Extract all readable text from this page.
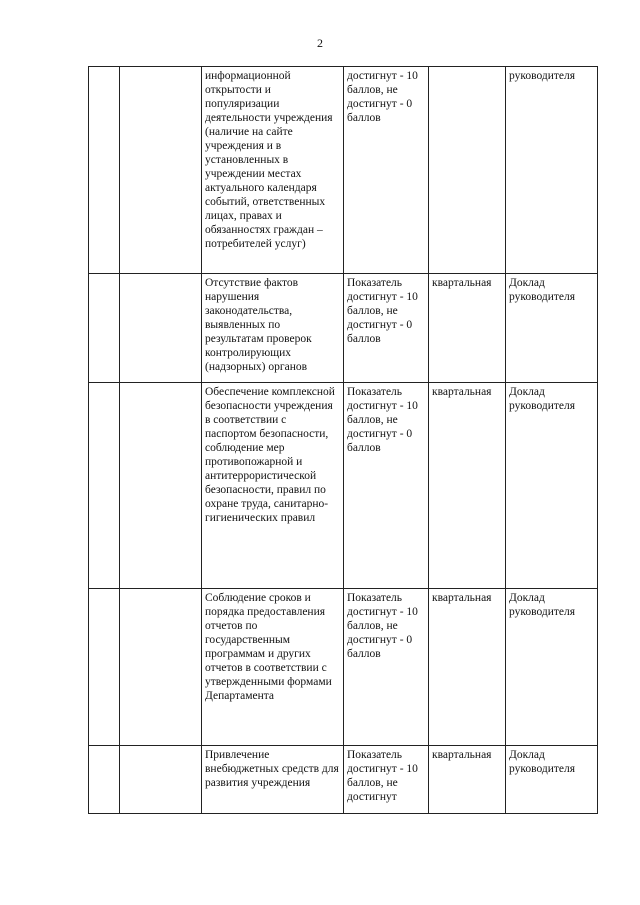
2
		информационной открытости и популяризации деятельности учреждения (наличие на сайте учреждения и в установленных в учреждении местах актуального календаря событий, ответственных лицах, правах и обязанностях граждан – потребителей услуг)	достигнут - 10 баллов, не достигнут - 0 баллов		руководителя
		Отсутствие фактов нарушения законодательства, выявленных по результатам проверок контролирующих (надзорных) органов	Показатель достигнут - 10 баллов, не достигнут - 0 баллов	квартальная	Доклад руководителя
		Обеспечение комплексной безопасности учреждения в соответствии с паспортом безопасности, соблюдение мер противопожарной и антитеррористической безопасности, правил по охране труда, санитарно-гигиенических правил	Показатель достигнут - 10 баллов, не достигнут - 0 баллов	квартальная	Доклад руководителя
		Соблюдение сроков и порядка предоставления отчетов по государственным программам и других отчетов в соответствии с утвержденными формами Департамента	Показатель достигнут - 10 баллов, не достигнут - 0 баллов	квартальная	Доклад руководителя
		Привлечение внебюджетных средств для развития учреждения	Показатель достигнут - 10 баллов, не достигнут	квартальная	Доклад руководителя
